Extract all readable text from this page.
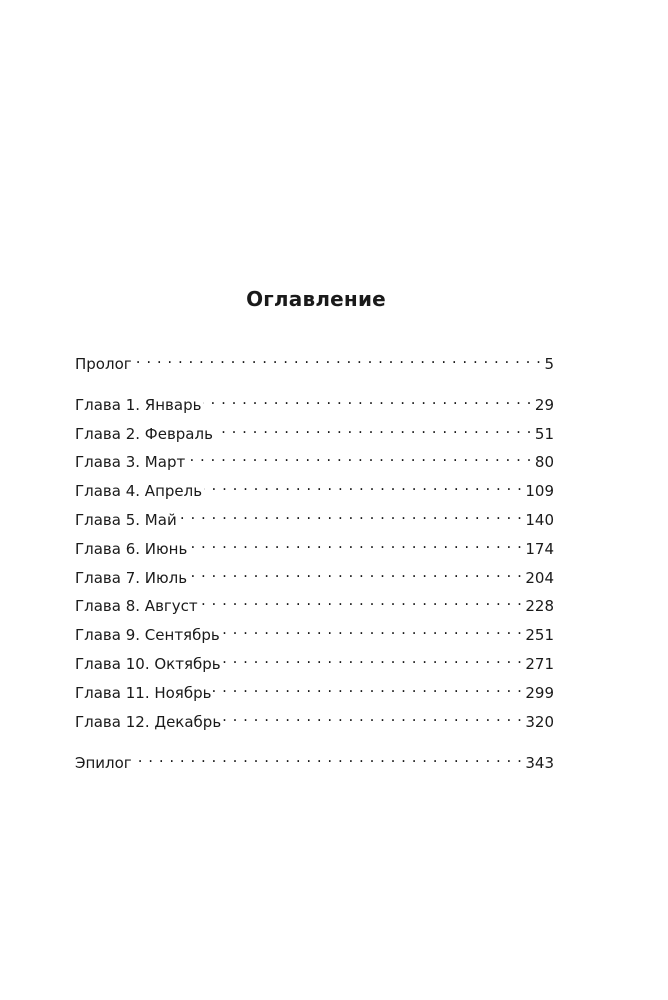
Оглавление
Пролог . . .	5
Глава 1. Январь . . .	29
Глава 2. Февраль . . .	51
Глава 3. Март . . .	80
Глава 4. Апрель . . .	109
Глава 5. Май . . .	140
Глава 6. Июнь . . .	174
Глава 7. Июль . . .	204
Глава 8. Август . . .	228
Глава 9. Сентябрь . . .	251
Глава 10. Октябрь . . .	271
Глава 11. Ноябрь . . .	299
Глава 12. Декабрь . . .	320
Эпилог . . .	343
